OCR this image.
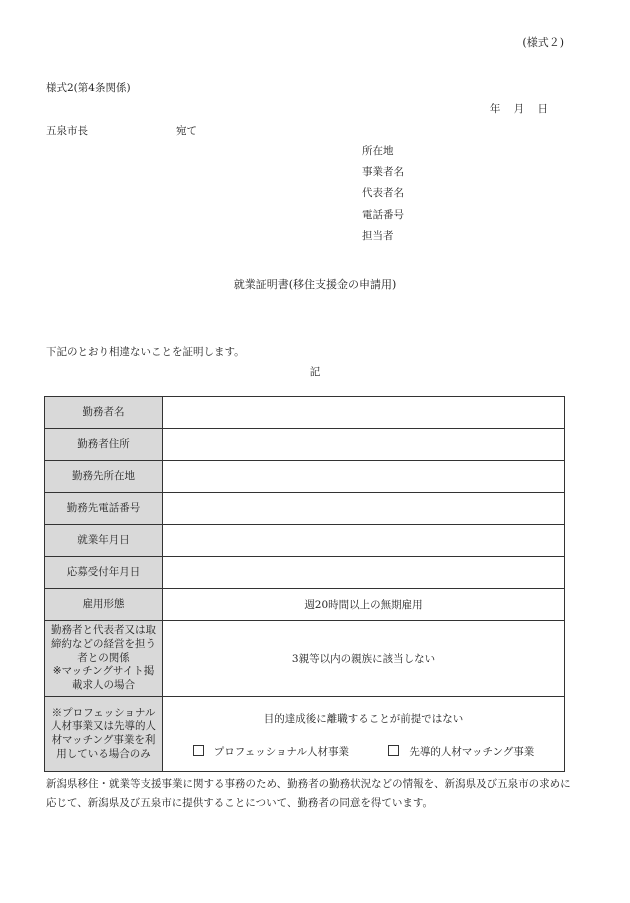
(様式２)
様式2(第4条関係)
年 月 日
五泉市長	宛て
所在地
事業者名
代表者名
電話番号
担当者
就業証明書(移住支援金の申請用)
下記のとおり相違ないことを証明します。
記
勤務者名	
勤務者住所	
勤務先所在地	
勤務先電話番号	
就業年月日	
応募受付年月日	
雇用形態	週20時間以上の無期雇用
勤務者と代表者又は取締約などの経営を担う者との関係
※マッチングサイト掲載求人の場合	3親等以内の親族に該当しない
※プロフェッショナル人材事業又は先導的人材マッチング事業を利用している場合のみ	目的達成後に離職することが前提ではない
プロフェッショナル人材事業 先導的人材マッチング事業
新潟県移住・就業等支援事業に関する事務のため、勤務者の勤務状況などの情報を、新潟県及び五泉市の求めに応じて、新潟県及び五泉市に提供することについて、勤務者の同意を得ています。
